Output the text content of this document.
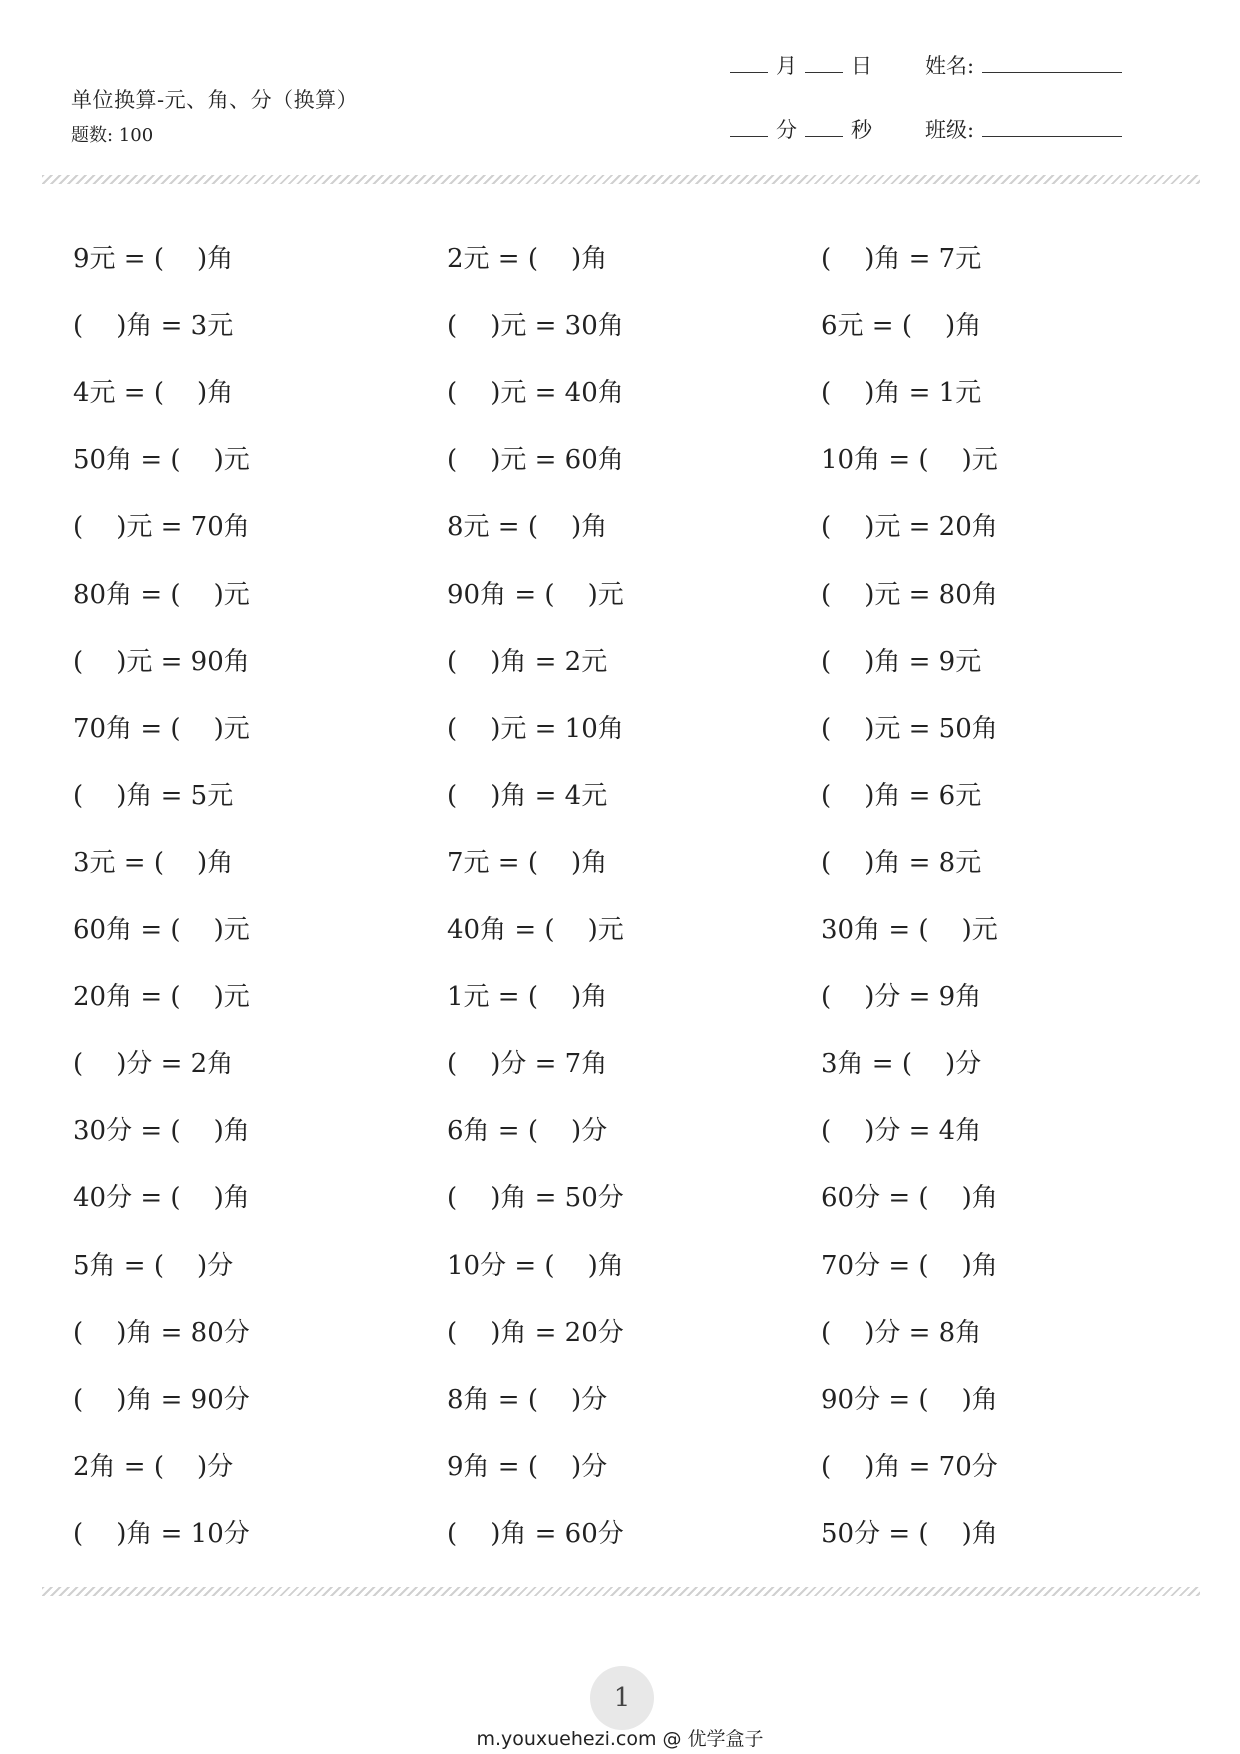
单位换算-元、角、分（换算）
题数: 100
月	日	姓名:
分	秒	班级:
9元 = (    )角
(    )角 = 3元
4元 = (    )角
50角 = (    )元
(    )元 = 70角
80角 = (    )元
(    )元 = 90角
70角 = (    )元
(    )角 = 5元
3元 = (    )角
60角 = (    )元
20角 = (    )元
(    )分 = 2角
30分 = (    )角
40分 = (    )角
5角 = (    )分
(    )角 = 80分
(    )角 = 90分
2角 = (    )分
(    )角 = 10分
2元 = (    )角
(    )元 = 30角
(    )元 = 40角
(    )元 = 60角
8元 = (    )角
90角 = (    )元
(    )角 = 2元
(    )元 = 10角
(    )角 = 4元
7元 = (    )角
40角 = (    )元
1元 = (    )角
(    )分 = 7角
6角 = (    )分
(    )角 = 50分
10分 = (    )角
(    )角 = 20分
8角 = (    )分
9角 = (    )分
(    )角 = 60分
(    )角 = 7元
6元 = (    )角
(    )角 = 1元
10角 = (    )元
(    )元 = 20角
(    )元 = 80角
(    )角 = 9元
(    )元 = 50角
(    )角 = 6元
(    )角 = 8元
30角 = (    )元
(    )分 = 9角
3角 = (    )分
(    )分 = 4角
60分 = (    )角
70分 = (    )角
(    )分 = 8角
90分 = (    )角
(    )角 = 70分
50分 = (    )角
1
m.youxuehezi.com @ 优学盒子
